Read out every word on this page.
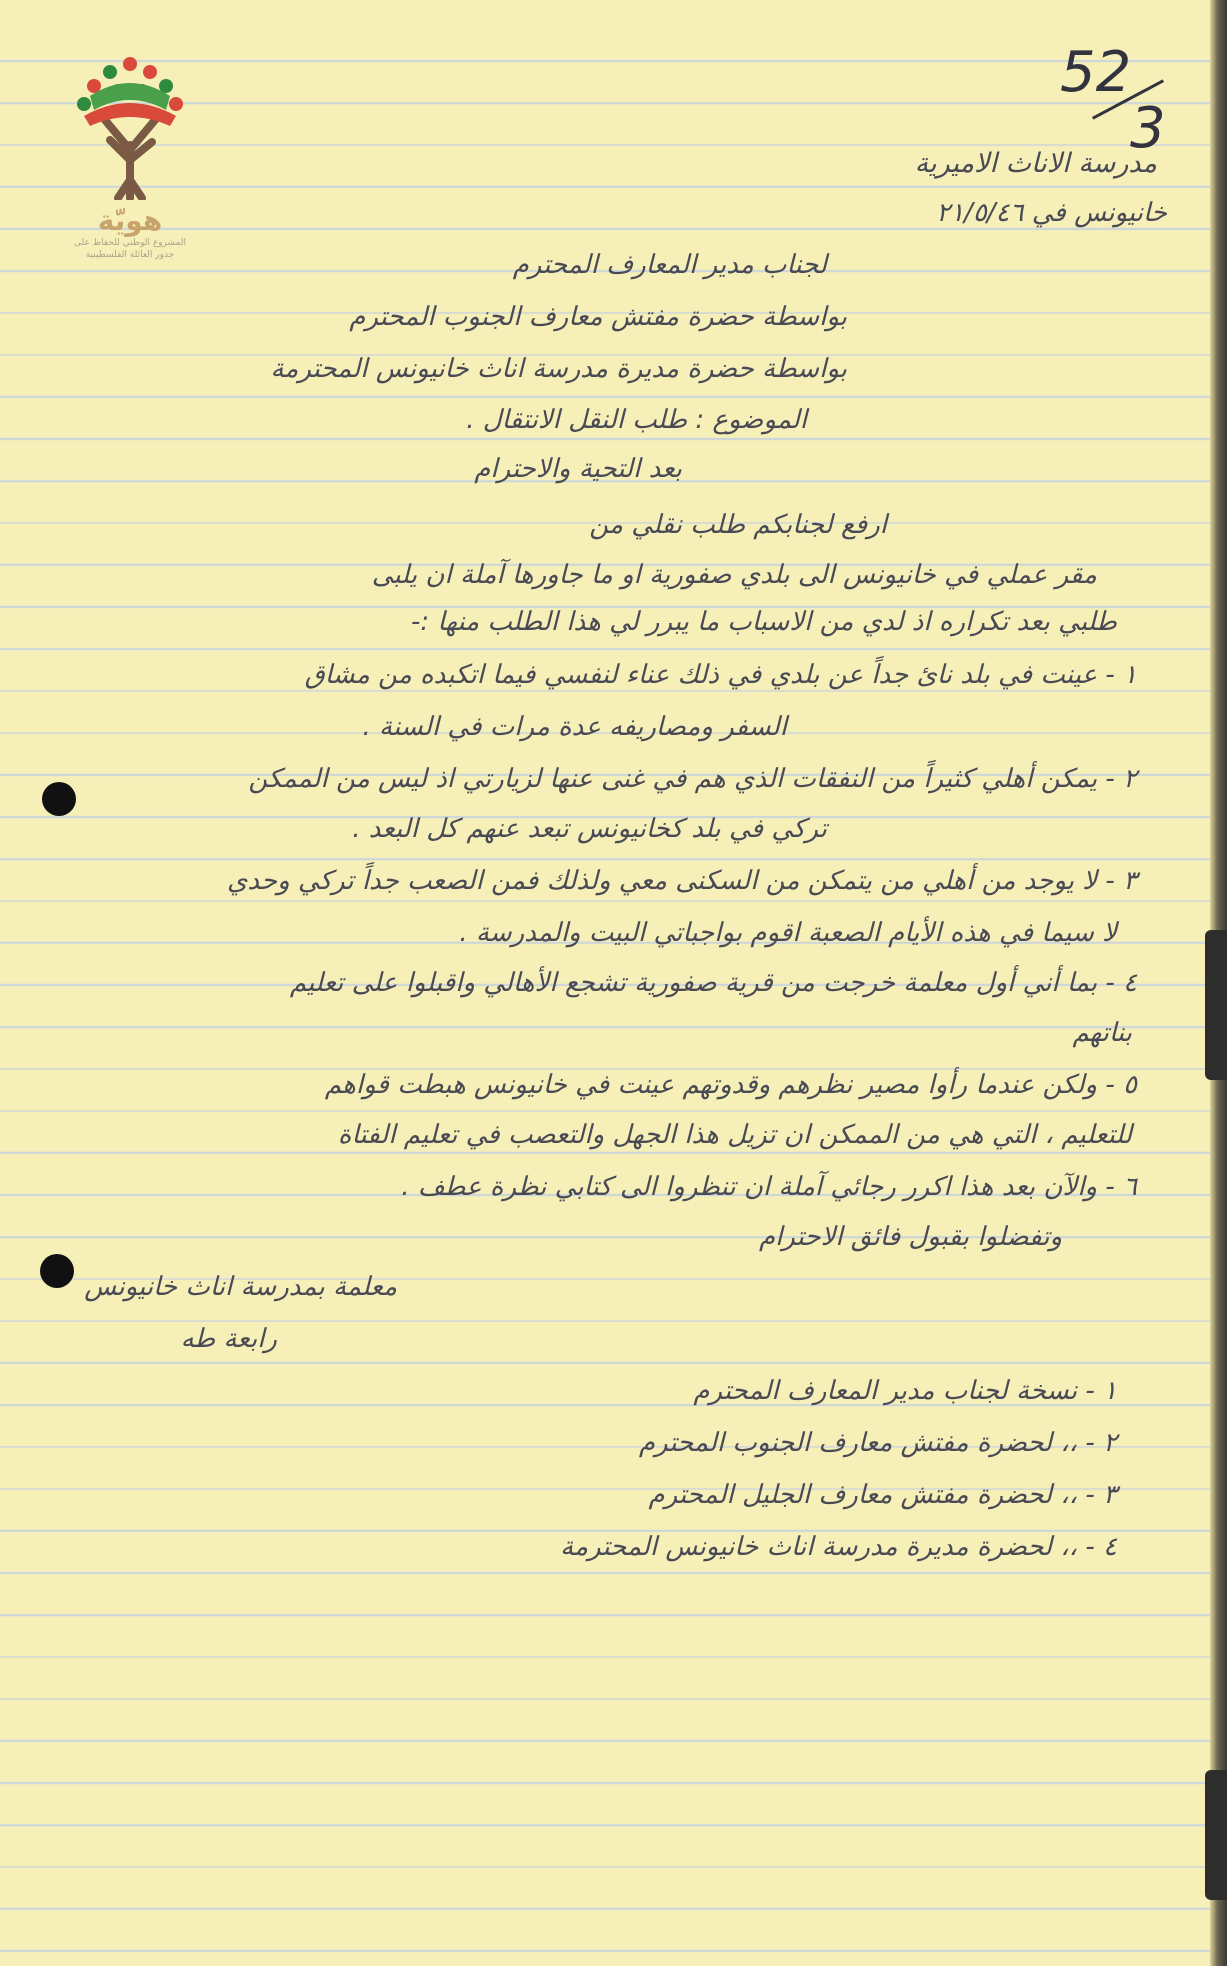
هويّة
المشروع الوطني للحفاظ على
جذور العائلة الفلسطينية
52
3
مدرسة الاناث الاميرية
خانيونس في ٢١/٥/٤٦
لجناب مدير المعارف المحترم
بواسطة حضرة مفتش معارف الجنوب المحترم
بواسطة حضرة مديرة مدرسة اناث خانيونس المحترمة
الموضوع : طلب النقل الانتقال .
بعد التحية والاحترام
ارفع لجنابكم طلب نقلي من
مقر عملي في خانيونس الى بلدي صفورية او ما جاورها آملة ان يلبى
طلبي بعد تكراره اذ لدي من الاسباب ما يبرر لي هذا الطلب منها :-
١ - عينت في بلد نائ جداً عن بلدي في ذلك عناء لنفسي فيما اتكبده من مشاق
السفر ومصاريفه عدة مرات في السنة .
٢ - يمكن أهلي كثيراً من النفقات الذي هم في غنى عنها لزيارتي اذ ليس من الممكن
تركي في بلد كخانيونس تبعد عنهم كل البعد .
٣ - لا يوجد من أهلي من يتمكن من السكنى معي ولذلك فمن الصعب جداً تركي وحدي
لا سيما في هذه الأيام الصعبة اقوم بواجباتي البيت والمدرسة .
٤ - بما أني أول معلمة خرجت من قرية صفورية تشجع الأهالي واقبلوا على تعليم
بناتهم
٥ - ولكن عندما رأوا مصير نظرهم وقدوتهم عينت في خانيونس هبطت قواهم
للتعليم ، التي هي من الممكن ان تزيل هذا الجهل والتعصب في تعليم الفتاة
٦ - والآن بعد هذا اكرر رجائي آملة ان تنظروا الى كتابي نظرة عطف .
وتفضلوا بقبول فائق الاحترام
معلمة بمدرسة اناث خانيونس
رابعة طه
١ - نسخة لجناب مدير المعارف المحترم
٢ - ،، لحضرة مفتش معارف الجنوب المحترم
٣ - ،، لحضرة مفتش معارف الجليل المحترم
٤ - ،، لحضرة مديرة مدرسة اناث خانيونس المحترمة
